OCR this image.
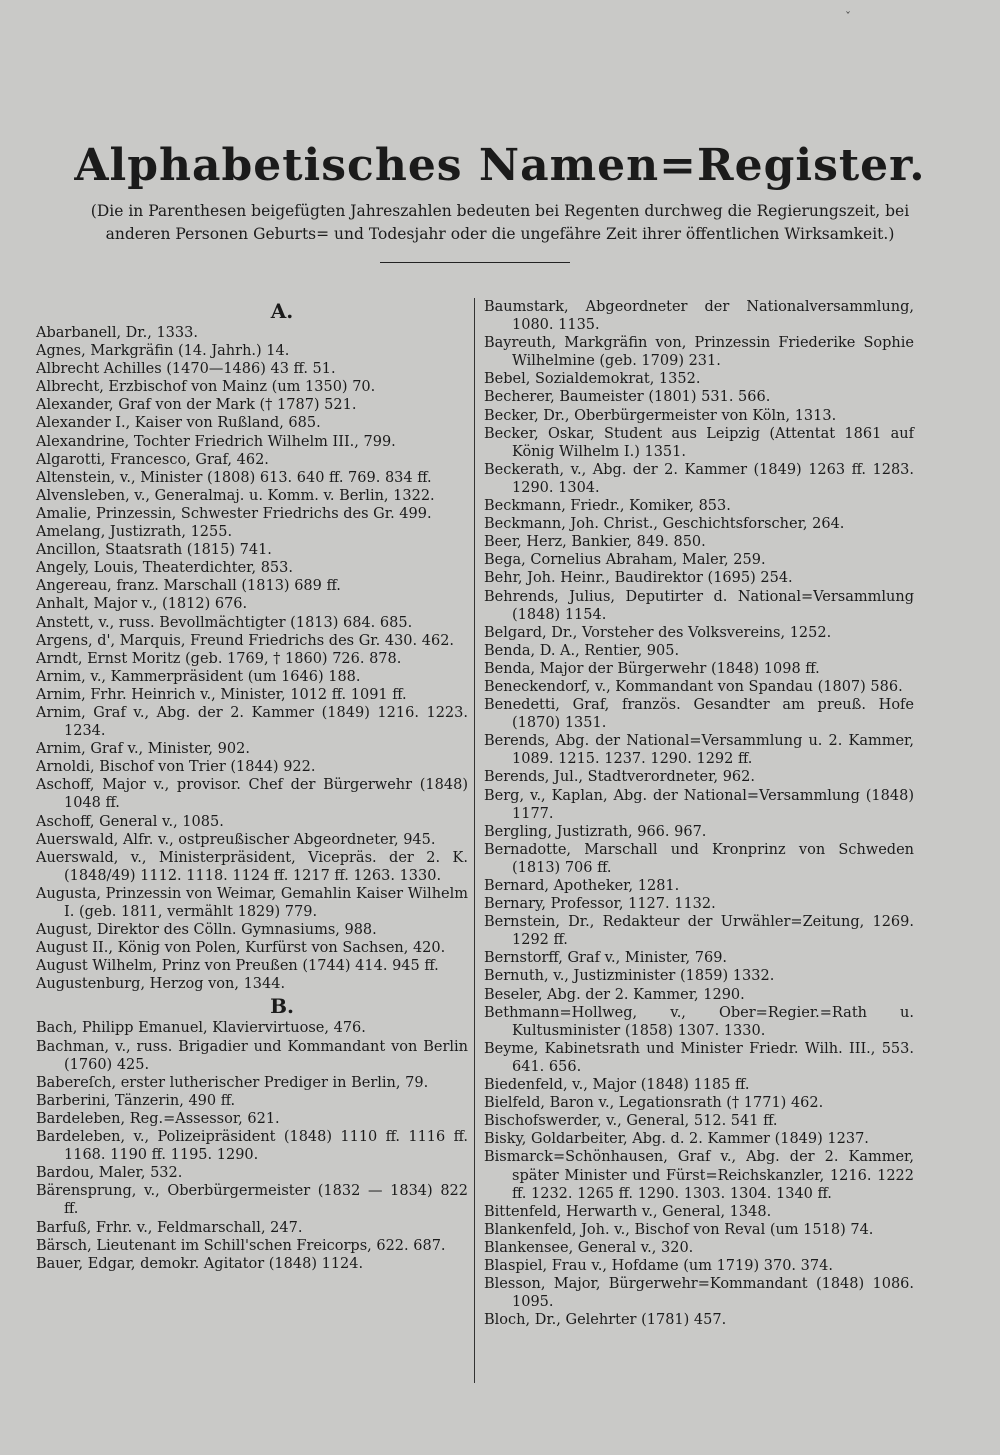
ˇ
Alphabetisches Namen=Register.

(Die in Parenthesen beigefügten Jahreszahlen bedeuten bei Regenten durchweg die Regierungszeit, bei anderen Personen Geburts= und Todesjahr oder die ungefähre Zeit ihrer öffentlichen Wirksamkeit.)

A.

Abarbanell, Dr., 1333.

Agnes, Markgräfin (14. Jahrh.) 14.

Albrecht Achilles (1470—1486) 43 ff. 51.

Albrecht, Erzbischof von Mainz (um 1350) 70.

Alexander, Graf von der Mark († 1787) 521.

Alexander I., Kaiser von Rußland, 685.

Alexandrine, Tochter Friedrich Wilhelm III., 799.

Algarotti, Francesco, Graf, 462.

Altenstein, v., Minister (1808) 613. 640 ff. 769. 834 ff.

Alvensleben, v., Generalmaj. u. Komm. v. Berlin, 1322.

Amalie, Prinzessin, Schwester Friedrichs des Gr. 499.

Amelang, Justizrath, 1255.

Ancillon, Staatsrath (1815) 741.

Angely, Louis, Theaterdichter, 853.

Angereau, franz. Marschall (1813) 689 ff.

Anhalt, Major v., (1812) 676.

Anstett, v., russ. Bevollmächtigter (1813) 684. 685.

Argens, d', Marquis, Freund Friedrichs des Gr. 430. 462.

Arndt, Ernst Moritz (geb. 1769, † 1860) 726. 878.

Arnim, v., Kammerpräsident (um 1646) 188.

Arnim, Frhr. Heinrich v., Minister, 1012 ff. 1091 ff.

Arnim, Graf v., Abg. der 2. Kammer (1849) 1216. 1223. 1234.

Arnim, Graf v., Minister, 902.

Arnoldi, Bischof von Trier (1844) 922.

Aschoff, Major v., provisor. Chef der Bürgerwehr (1848) 1048 ff.

Aschoff, General v., 1085.

Auerswald, Alfr. v., ostpreußischer Abgeordneter, 945.

Auerswald, v., Ministerpräsident, Vicepräs. der 2. K. (1848/49) 1112. 1118. 1124 ff. 1217 ff. 1263. 1330.

Augusta, Prinzessin von Weimar, Gemahlin Kaiser Wilhelm I. (geb. 1811, vermählt 1829) 779.

August, Direktor des Cölln. Gymnasiums, 988.

August II., König von Polen, Kurfürst von Sachsen, 420.

August Wilhelm, Prinz von Preußen (1744) 414. 945 ff.

Augustenburg, Herzog von, 1344.

B.

Bach, Philipp Emanuel, Klaviervirtuose, 476.

Bachman, v., russ. Brigadier und Kommandant von Berlin (1760) 425.

Babereſch, erster lutherischer Prediger in Berlin, 79.

Barberini, Tänzerin, 490 ff.

Bardeleben, Reg.=Assessor, 621.

Bardeleben, v., Polizeipräsident (1848) 1110 ff. 1116 ff. 1168. 1190 ff. 1195. 1290.

Bardou, Maler, 532.

Bärensprung, v., Oberbürgermeister (1832 — 1834) 822 ff.

Barfuß, Frhr. v., Feldmarschall, 247.

Bärsch, Lieutenant im Schill'schen Freicorps, 622. 687.

Bauer, Edgar, demokr. Agitator (1848) 1124.

Baumstark, Abgeordneter der Nationalversammlung, 1080. 1135.

Bayreuth, Markgräfin von, Prinzessin Friederike Sophie Wilhelmine (geb. 1709) 231.

Bebel, Sozialdemokrat, 1352.

Becherer, Baumeister (1801) 531. 566.

Becker, Dr., Oberbürgermeister von Köln, 1313.

Becker, Oskar, Student aus Leipzig (Attentat 1861 auf König Wilhelm I.) 1351.

Beckerath, v., Abg. der 2. Kammer (1849) 1263 ff. 1283. 1290. 1304.

Beckmann, Friedr., Komiker, 853.

Beckmann, Joh. Christ., Geschichtsforscher, 264.

Beer, Herz, Bankier, 849. 850.

Bega, Cornelius Abraham, Maler, 259.

Behr, Joh. Heinr., Baudirektor (1695) 254.

Behrends, Julius, Deputirter d. National=Versammlung (1848) 1154.

Belgard, Dr., Vorsteher des Volksvereins, 1252.

Benda, D. A., Rentier, 905.

Benda, Major der Bürgerwehr (1848) 1098 ff.

Beneckendorf, v., Kommandant von Spandau (1807) 586.

Benedetti, Graf, französ. Gesandter am preuß. Hofe (1870) 1351.

Berends, Abg. der National=Versammlung u. 2. Kammer, 1089. 1215. 1237. 1290. 1292 ff.

Berends, Jul., Stadtverordneter, 962.

Berg, v., Kaplan, Abg. der National=Versammlung (1848) 1177.

Bergling, Justizrath, 966. 967.

Bernadotte, Marschall und Kronprinz von Schweden (1813) 706 ff.

Bernard, Apotheker, 1281.

Bernary, Professor, 1127. 1132.

Bernstein, Dr., Redakteur der Urwähler=Zeitung, 1269. 1292 ff.

Bernstorff, Graf v., Minister, 769.

Bernuth, v., Justizminister (1859) 1332.

Beseler, Abg. der 2. Kammer, 1290.

Bethmann=Hollweg, v., Ober=Regier.=Rath u. Kultusminister (1858) 1307. 1330.

Beyme, Kabinetsrath und Minister Friedr. Wilh. III., 553. 641. 656.

Biedenfeld, v., Major (1848) 1185 ff.

Bielfeld, Baron v., Legationsrath († 1771) 462.

Bischofswerder, v., General, 512. 541 ff.

Bisky, Goldarbeiter, Abg. d. 2. Kammer (1849) 1237.

Bismarck=Schönhausen, Graf v., Abg. der 2. Kammer, später Minister und Fürst=Reichskanzler, 1216. 1222 ff. 1232. 1265 ff. 1290. 1303. 1304. 1340 ff.

Bittenfeld, Herwarth v., General, 1348.

Blankenfeld, Joh. v., Bischof von Reval (um 1518) 74.

Blankensee, General v., 320.

Blaspiel, Frau v., Hofdame (um 1719) 370. 374.

Blesson, Major, Bürgerwehr=Kommandant (1848) 1086. 1095.

Bloch, Dr., Gelehrter (1781) 457.
